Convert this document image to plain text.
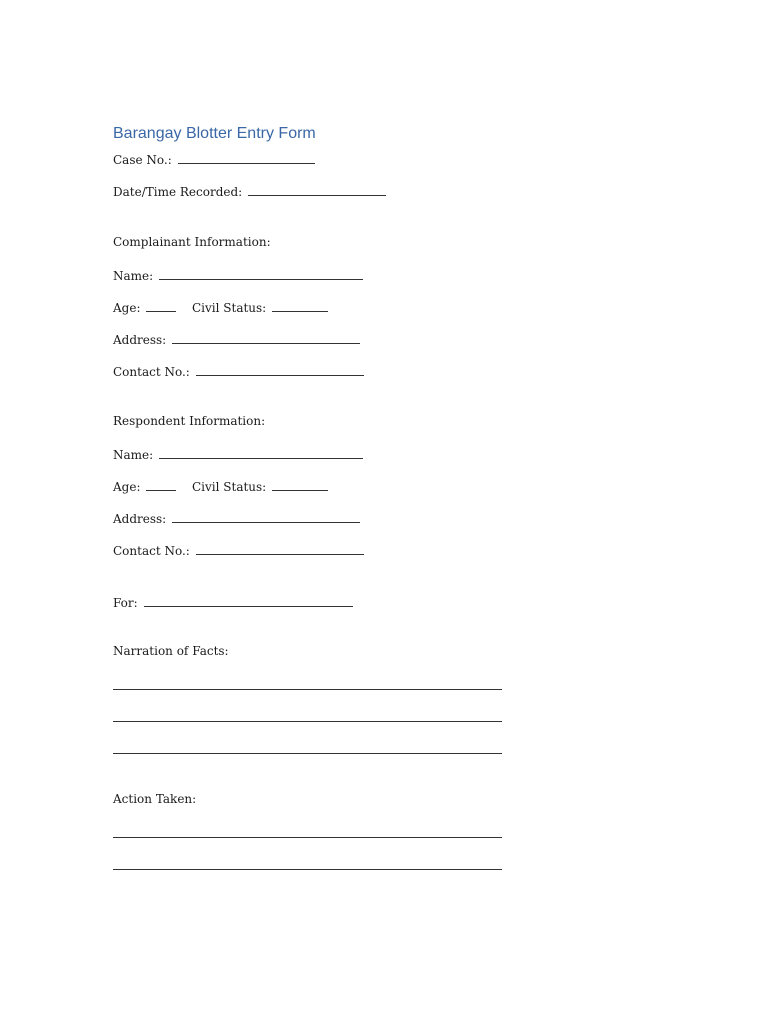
Barangay Blotter Entry Form
Case No.:
Date/Time Recorded:
Complainant Information:
Name:
Age:	Civil Status:
Address:
Contact No.:
Respondent Information:
Name:
Age:	Civil Status:
Address:
Contact No.:
For:
Narration of Facts:
Action Taken:
